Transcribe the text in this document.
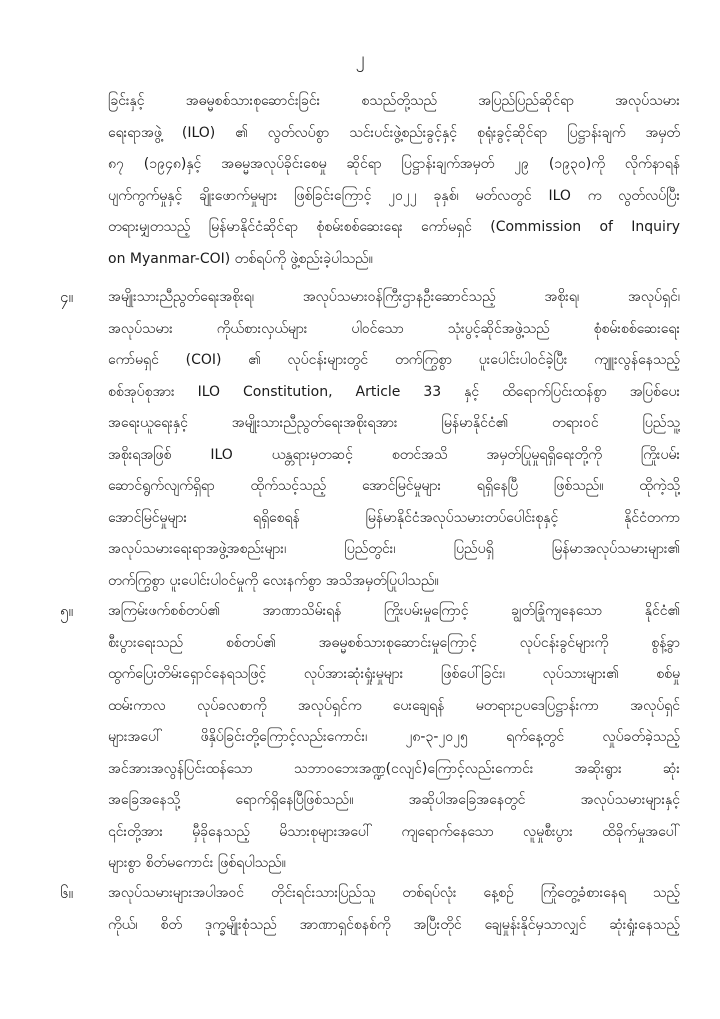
၂
ခြင်းနှင့် အဓမ္မစစ်သားစုဆောင်းခြင်း စသည်တို့သည် အပြည်ပြည်ဆိုင်ရာ အလုပ်သမား
ရေးရာအဖွဲ့ (ILO) ၏ လွတ်လပ်စွာ သင်းပင်းဖွဲ့စည်းခွင့်နှင့် စုရုံးခွင့်ဆိုင်ရာ ပြဋ္ဌာန်းချက် အမှတ်
၈၇ (၁၉၄၈)နှင့် အဓမ္မအလုပ်ခိုင်းစေမှု ဆိုင်ရာ ပြဋ္ဌာန်းချက်အမှတ် ၂၉ (၁၉၃၀)ကို လိုက်နာရန်
ပျက်ကွက်မှုနှင့် ချိုးဖောက်မှုများ ဖြစ်ခြင်းကြောင့် ၂၀၂၂ ခုနှစ်၊ မတ်လတွင် ILO က လွတ်လပ်ပြီး
တရားမျှတသည့် မြန်မာနိုင်ငံဆိုင်ရာ စုံစမ်းစစ်ဆေးရေး ကော်မရှင် (Commission of Inquiry
on Myanmar-COI) တစ်ရပ်ကို ဖွဲ့စည်းခဲ့ပါသည်။
၄။	အမျိုးသားညီညွတ်ရေးအစိုးရ၊ အလုပ်သမားဝန်ကြီးဌာနဦးဆောင်သည့် အစိုးရ၊ အလုပ်ရှင်၊
အလုပ်သမား ကိုယ်စားလှယ်များ ပါဝင်သော သုံးပွင့်ဆိုင်အဖွဲ့သည် စုံစမ်းစစ်ဆေးရေး
ကော်မရှင် (COI) ၏ လုပ်ငန်းများတွင် တက်ကြွစွာ ပူးပေါင်းပါဝင်ခဲ့ပြီး ကျူးလွန်နေသည့်
စစ်အုပ်စုအား ILO Constitution, Article 33 နှင့် ထိရောက်ပြင်းထန်စွာ အပြစ်ပေး
အရေးယူရေးနှင့် အမျိုးသားညီညွတ်ရေးအစိုးရအား မြန်မာနိုင်ငံ၏ တရားဝင် ပြည်သူ့
အစိုးရအဖြစ် ILO ယန္တရားမှတဆင့် စတင်အသိ အမှတ်ပြုမှုရရှိရေးတို့ကို ကြိုးပမ်း
ဆောင်ရွက်လျက်ရှိရာ ထိုက်သင့်သည့် အောင်မြင်မှုများ ရရှိနေပြီ ဖြစ်သည်။ ထိုကဲ့သို့
အောင်မြင်မှုများ ရရှိစေရန် မြန်မာနိုင်ငံအလုပ်သမားတပ်ပေါင်းစုနှင့် နိုင်ငံတကာ
အလုပ်သမားရေးရာအဖွဲ့အစည်းများ၊ ပြည်တွင်း၊ ပြည်ပရှိ မြန်မာအလုပ်သမားများ၏
တက်ကြွစွာ ပူးပေါင်းပါဝင်မှုကို လေးနက်စွာ အသိအမှတ်ပြုပါသည်။
၅။	အကြမ်းဖက်စစ်တပ်၏ အာဏာသိမ်းရန် ကြိုးပမ်းမှုကြောင့် ချွတ်ခြုံကျနေသော နိုင်ငံ၏
စီးပွားရေးသည် စစ်တပ်၏ အဓမ္မစစ်သားစုဆောင်းမှုကြောင့် လုပ်ငန်းခွင်များကို စွန့်ခွာ
ထွက်ပြေးတိမ်းရှောင်နေရသဖြင့် လုပ်အားဆုံးရှုံးမှုများ ဖြစ်ပေါ်ခြင်း၊ လုပ်သားများ၏ စစ်မှု
ထမ်းကာလ လုပ်ခလစာကို အလုပ်ရှင်က ပေးချေရန် မတရားဥပဒေပြဋ္ဌာန်းကာ အလုပ်ရှင်
များအပေါ် ဖိနှိပ်ခြင်းတို့ကြောင့်လည်းကောင်း၊ ၂၈-၃-၂၀၂၅ ရက်နေ့တွင် လှုပ်ခတ်ခဲ့သည့်
အင်အားအလွန်ပြင်းထန်သော သဘာဝဘေးအဏ္ဍ(ငလျင်)ကြောင့်လည်းကောင်း အဆိုးရွား ဆုံး
အခြေအနေသို့ ရောက်ရှိနေပြီဖြစ်သည်။ အဆိုပါအခြေအနေတွင် အလုပ်သမားများနှင့်
၎င်းတို့အား မှီခိုနေသည့် မိသားစုများအပေါ် ကျရောက်နေသော လူမှုစီးပွား ထိခိုက်မှုအပေါ်
များစွာ စိတ်မကောင်း ဖြစ်ရပါသည်။
၆။	အလုပ်သမားများအပါအဝင် တိုင်းရင်းသားပြည်သူ တစ်ရပ်လုံး နေ့စဉ် ကြုံတွေ့ခံစားနေရ သည့်
ကိုယ်၊ စိတ် ဒုက္ခမျိုးစုံသည် အာဏာရှင်စနစ်ကို အပြီးတိုင် ချေမှုန်းနိုင်မှသာလျှင် ဆုံးရှုံးနေသည့်
